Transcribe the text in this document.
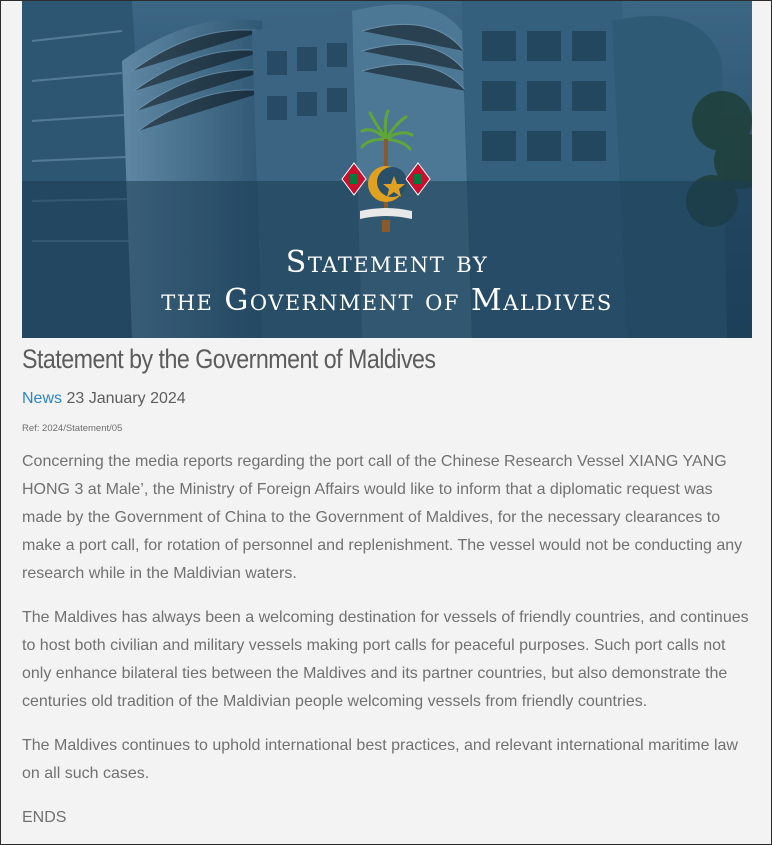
Statement by
the Government of Maldives
Statement by the Government of Maldives
News 23 January 2024
Ref: 2024/Statement/05

Concerning the media reports regarding the port call of the Chinese Research Vessel XIANG YANG HONG 3 at Male’, the Ministry of Foreign Affairs would like to inform that a diplomatic request was made by the Government of China to the Government of Maldives, for the necessary clearances to make a port call, for rotation of personnel and replenishment. The vessel would not be conducting any research while in the Maldivian waters.

The Maldives has always been a welcoming destination for vessels of friendly countries, and continues to host both civilian and military vessels making port calls for peaceful purposes. Such port calls not only enhance bilateral ties between the Maldives and its partner countries, but also demonstrate the centuries old tradition of the Maldivian people welcoming vessels from friendly countries.

The Maldives continues to uphold international best practices, and relevant international maritime law on all such cases.

ENDS
